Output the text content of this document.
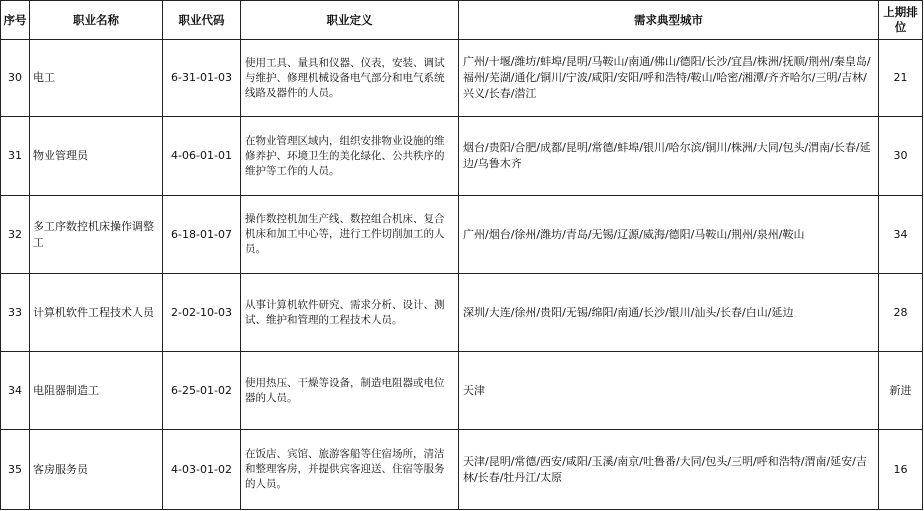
序号	职业名称	职业代码	职业定义	需求典型城市	上期排位
30	电工	6-31-01-03	使用工具、量具和仪器、仪表，安装、调试与维护、修理机械设备电气部分和电气系统线路及器件的人员。	广州/十堰/潍坊/蚌埠/昆明/马鞍山/南通/佛山/德阳/长沙/宜昌/株洲/抚顺/荆州/秦皇岛/福州/芜湖/通化/铜川/宁波/咸阳/安阳/呼和浩特/鞍山/哈密/湘潭/齐齐哈尔/三明/吉林/兴义/长春/潜江	21
31	物业管理员	4-06-01-01	在物业管理区域内，组织安排物业设施的维修养护、环境卫生的美化绿化、公共秩序的维护等工作的人员。	烟台/贵阳/合肥/成都/昆明/常德/蚌埠/银川/哈尔滨/铜川/株洲/大同/包头/渭南/长春/延边/乌鲁木齐	30
32	多工序数控机床操作调整工	6-18-01-07	操作数控机加生产线、数控组合机床、复合机床和加工中心等，进行工件切削加工的人员。	广州/烟台/徐州/潍坊/青岛/无锡/辽源/威海/德阳/马鞍山/荆州/泉州/鞍山	34
33	计算机软件工程技术人员	2-02-10-03	从事计算机软件研究、需求分析、设计、测试、维护和管理的工程技术人员。	深圳/大连/徐州/贵阳/无锡/绵阳/南通/长沙/银川/汕头/长春/白山/延边	28
34	电阻器制造工	6-25-01-02	使用热压、干燥等设备，制造电阻器或电位器的人员。	天津	新进
35	客房服务员	4-03-01-02	在饭店、宾馆、旅游客船等住宿场所，清洁和整理客房，并提供宾客迎送、住宿等服务的人员。	天津/昆明/常德/西安/咸阳/玉溪/南京/吐鲁番/大同/包头/三明/呼和浩特/渭南/延安/吉林/长春/牡丹江/太原	16
